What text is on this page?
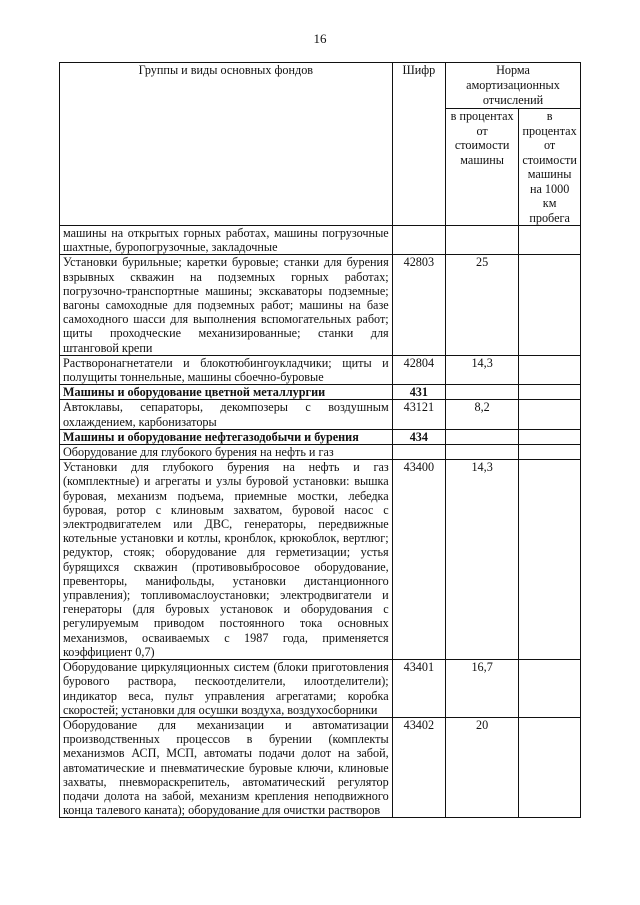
16
Группы и виды основных фондов	Шифр	Норма амортизационных отчислений	
		в процентах от стоимости машины	в процентах от стоимости машины на 1000 км пробега
машины на открытых горных работах, машины погрузочные шахтные, буропогрузочные, закладочные			
Установки бурильные; каретки буровые; станки для бурения взрывных скважин на подземных горных работах; погрузочно-транспортные машины; экскаваторы подземные; вагоны самоходные для подземных работ; машины на базе самоходного шасси для выполнения вспомогательных работ; щиты проходческие механизированные; станки для штанговой крепи	42803	25	
Растворонагнетатели и блокотюбингоукладчики; щиты и полущиты тоннельные, машины сбоечно-буровые	42804	14,3	
Машины и оборудование цветной металлургии	431		
Автоклавы, сепараторы, декомпозеры с воздушным охлаждением, карбонизаторы	43121	8,2	
Машины и оборудование нефтегазодобычи и бурения	434		
Оборудование для глубокого бурения на нефть и газ			
Установки для глубокого бурения на нефть и газ (комплектные) и агрегаты и узлы буровой установки: вышка буровая, механизм подъема, приемные мостки, лебедка буровая, ротор с клиновым захватом, буровой насос с электродвигателем или ДВС, генераторы, передвижные котельные установки и котлы, кронблок, крюкоблок, вертлюг; редуктор, стояк; оборудование для герметизации; устья бурящихся скважин (противовыбросовое оборудование, превенторы, манифольды, установки дистанционного управления); топливомаслоустановки; электродвигатели и генераторы (для буровых установок и оборудования с регулируемым приводом постоянного тока основных механизмов, осваиваемых с 1987 года, применяется коэффициент 0,7)	43400	14,3	
Оборудование циркуляционных систем (блоки приготовления бурового раствора, пескоотделители, илоотделители); индикатор веса, пульт управления агрегатами; коробка скоростей; установки для осушки воздуха, воздухосборники	43401	16,7	
Оборудование для механизации и автоматизации производственных процессов в бурении (комплекты механизмов АСП, МСП, автоматы подачи долот на забой, автоматические и пневматические буровые ключи, клиновые захваты, пневмораскрепитель, автоматический регулятор подачи долота на забой, механизм крепления неподвижного конца талевого каната); оборудование для очистки растворов	43402	20	
